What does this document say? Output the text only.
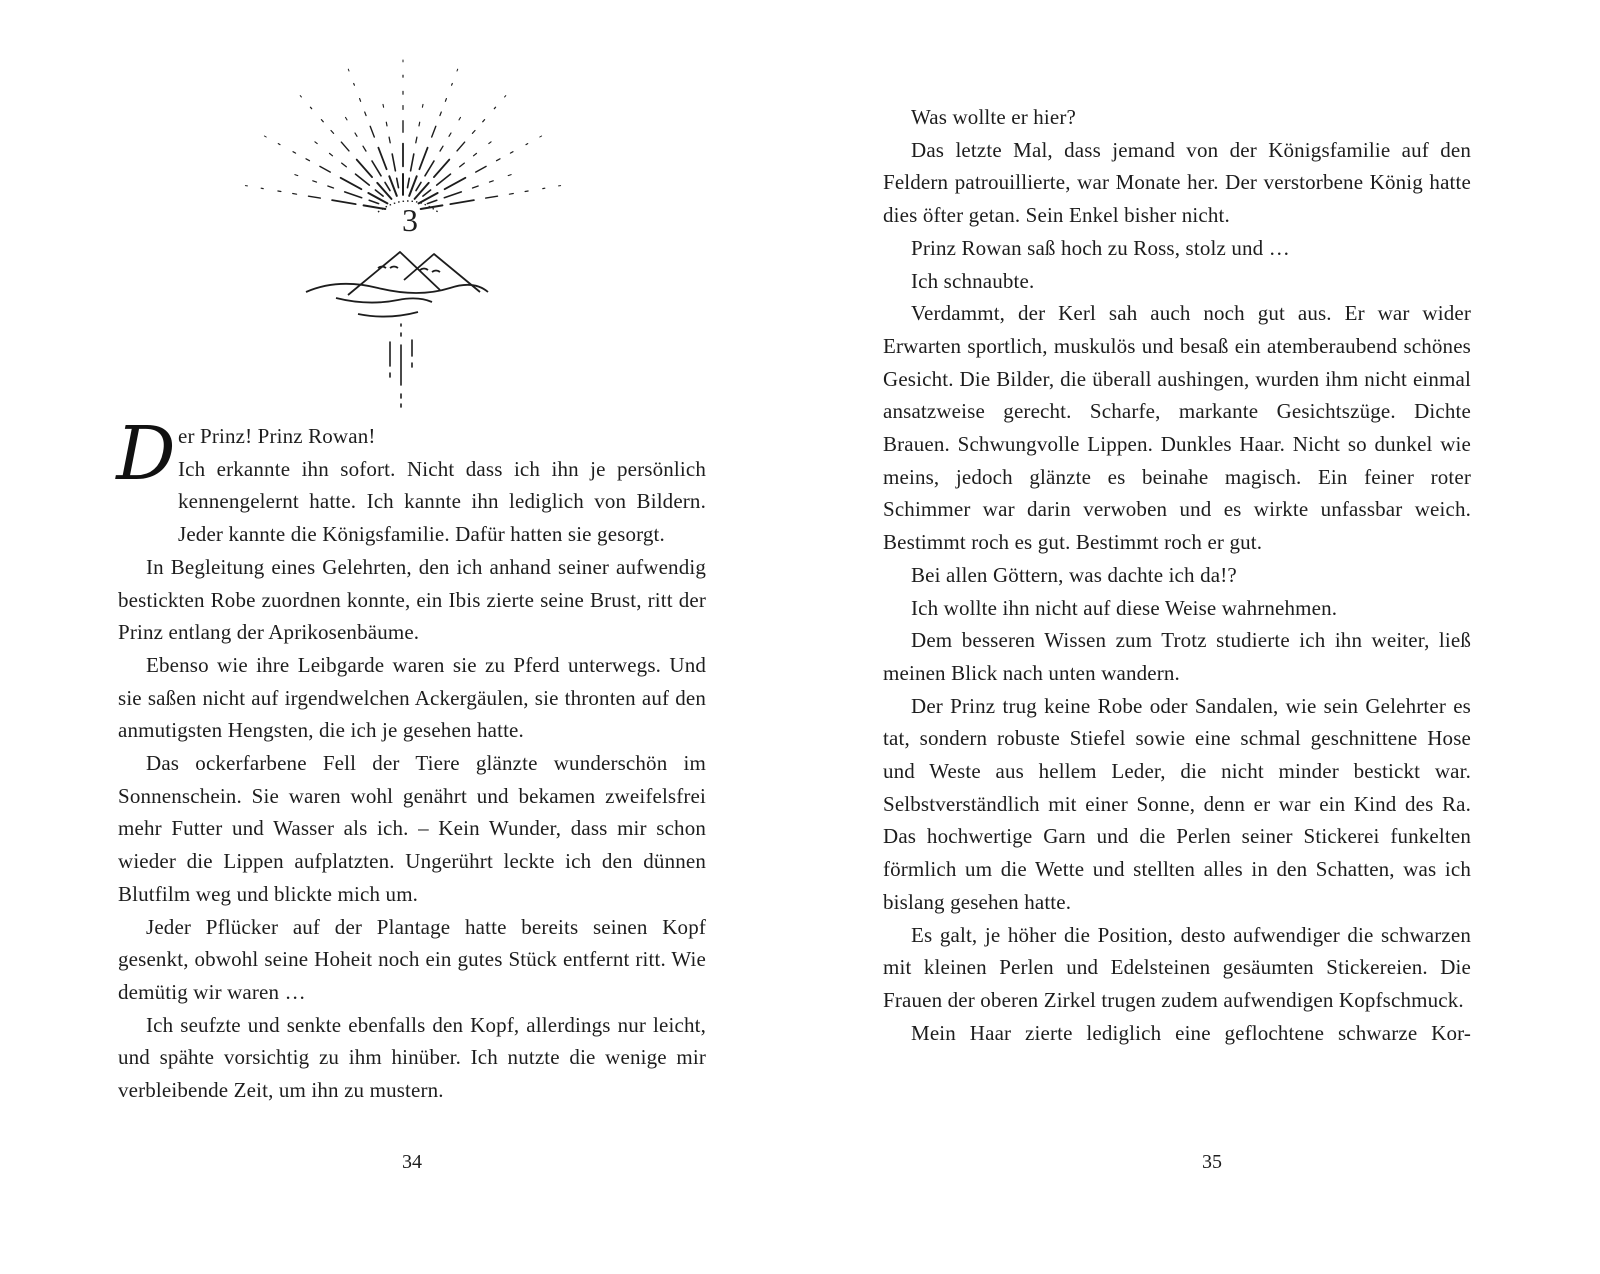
3
D er Prinz! Prinz Rowan!

Ich erkannte ihn sofort. Nicht dass ich ihn je persönlich kennengelernt hatte. Ich kannte ihn lediglich von Bildern. Jeder kannte die Königsfamilie. Dafür hatten sie gesorgt.

In Begleitung eines Gelehrten, den ich anhand seiner aufwendig bestickten Robe zuordnen konnte, ein Ibis zierte seine Brust, ritt der Prinz entlang der Aprikosenbäume.

Ebenso wie ihre Leibgarde waren sie zu Pferd unterwegs. Und sie saßen nicht auf irgendwelchen Ackergäulen, sie thronten auf den anmutigsten Hengsten, die ich je gesehen hatte.

Das ockerfarbene Fell der Tiere glänzte wunderschön im Sonnenschein. Sie waren wohl genährt und bekamen zweifelsfrei mehr Futter und Wasser als ich. – Kein Wunder, dass mir schon wieder die Lippen aufplatzten. Ungerührt leckte ich den dünnen Blutfilm weg und blickte mich um.

Jeder Pflücker auf der Plantage hatte bereits seinen Kopf gesenkt, obwohl seine Hoheit noch ein gutes Stück entfernt ritt. Wie demütig wir waren …

Ich seufzte und senkte ebenfalls den Kopf, allerdings nur leicht, und spähte vorsichtig zu ihm hinüber. Ich nutzte die wenige mir verbleibende Zeit, um ihn zu mustern.

34

Was wollte er hier?

Das letzte Mal, dass jemand von der Königsfamilie auf den Feldern patrouillierte, war Monate her. Der verstorbene König hatte dies öfter getan. Sein Enkel bisher nicht.

Prinz Rowan saß hoch zu Ross, stolz und …

Ich schnaubte.

Verdammt, der Kerl sah auch noch gut aus. Er war wider Erwarten sportlich, muskulös und besaß ein atemberaubend schönes Gesicht. Die Bilder, die überall aushingen, wurden ihm nicht einmal ansatzweise gerecht. Scharfe, markante Gesichtszüge. Dichte Brauen. Schwungvolle Lippen. Dunkles Haar. Nicht so dunkel wie meins, jedoch glänzte es beinahe magisch. Ein feiner roter Schimmer war darin verwoben und es wirkte unfassbar weich. Bestimmt roch es gut. Bestimmt roch er gut.

Bei allen Göttern, was dachte ich da!?

Ich wollte ihn nicht auf diese Weise wahrnehmen.

Dem besseren Wissen zum Trotz studierte ich ihn weiter, ließ meinen Blick nach unten wandern.

Der Prinz trug keine Robe oder Sandalen, wie sein Gelehrter es tat, sondern robuste Stiefel sowie eine schmal geschnittene Hose und Weste aus hellem Leder, die nicht minder bestickt war. Selbstverständlich mit einer Sonne, denn er war ein Kind des Ra. Das hochwertige Garn und die Perlen seiner Stickerei funkelten förmlich um die Wette und stellten alles in den Schatten, was ich bislang gesehen hatte.

Es galt, je höher die Position, desto aufwendiger die schwarzen mit kleinen Perlen und Edelsteinen gesäumten Stickereien. Die Frauen der oberen Zirkel trugen zudem aufwendigen Kopfschmuck.

Mein Haar zierte lediglich eine geflochtene schwarze Kor-

35
